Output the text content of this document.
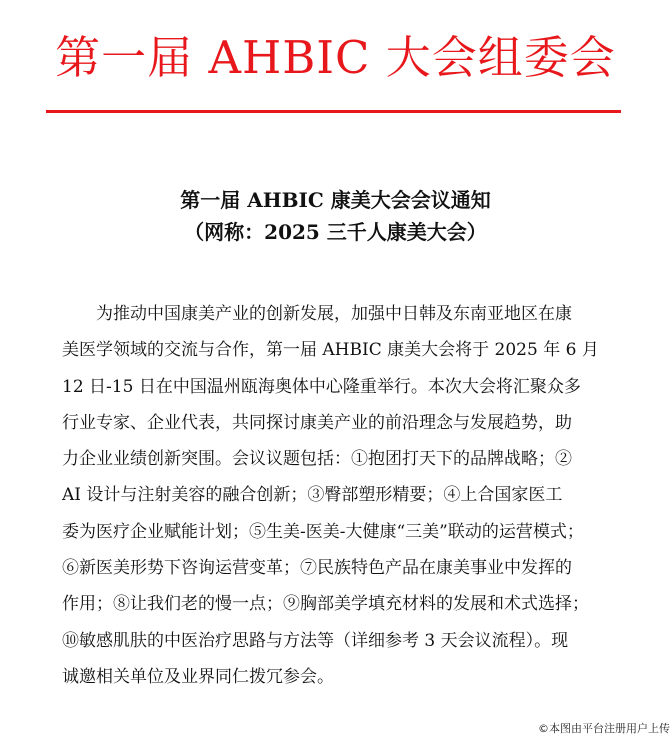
第一届 AHBIC 大会组委会
第一届 AHBIC 康美大会会议通知
（网称：2025 三千人康美大会）

为推动中国康美产业的创新发展，加强中日韩及东南亚地区在康
美医学领域的交流与合作，第一届 AHBIC 康美大会将于 2025 年 6 月
12 日-15 日在中国温州瓯海奥体中心隆重举行。本次大会将汇聚众多
行业专家、企业代表，共同探讨康美产业的前沿理念与发展趋势，助
力企业业绩创新突围。会议议题包括：①抱团打天下的品牌战略；②
AI 设计与注射美容的融合创新；③臀部塑形精要；④上合国家医工
委为医疗企业赋能计划；⑤生美-医美-大健康“三美”联动的运营模式；
⑥新医美形势下咨询运营变革；⑦民族特色产品在康美事业中发挥的
作用；⑧让我们老的慢一点；⑨胸部美学填充材料的发展和术式选择；
⑩敏感肌肤的中医治疗思路与方法等（详细参考 3 天会议流程）。现
诚邀相关单位及业界同仁拨冗参会。

©本图由平台注册用户上传
